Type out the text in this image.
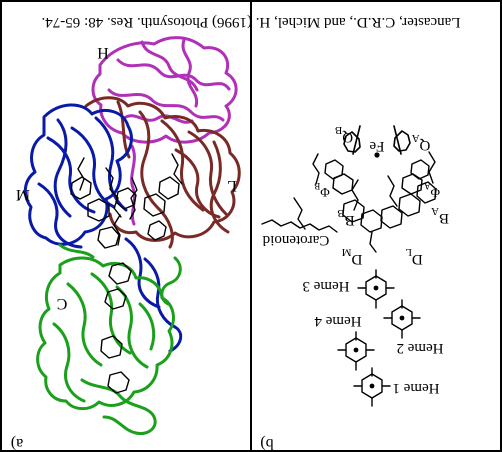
Lancaster, C.R.D., and Michel, H. (1996) Photosynth. Res. 48: 65-74.
H
M
L
C
a)
$Q_B$
Fe	$Q_A$
$\Phi_B$	$\Phi_A$
Carotenoid
$B_B$	$B_A$
$D_M$	$D_L$
Heme 3
Heme 4
Heme 2
Heme 1
b)
